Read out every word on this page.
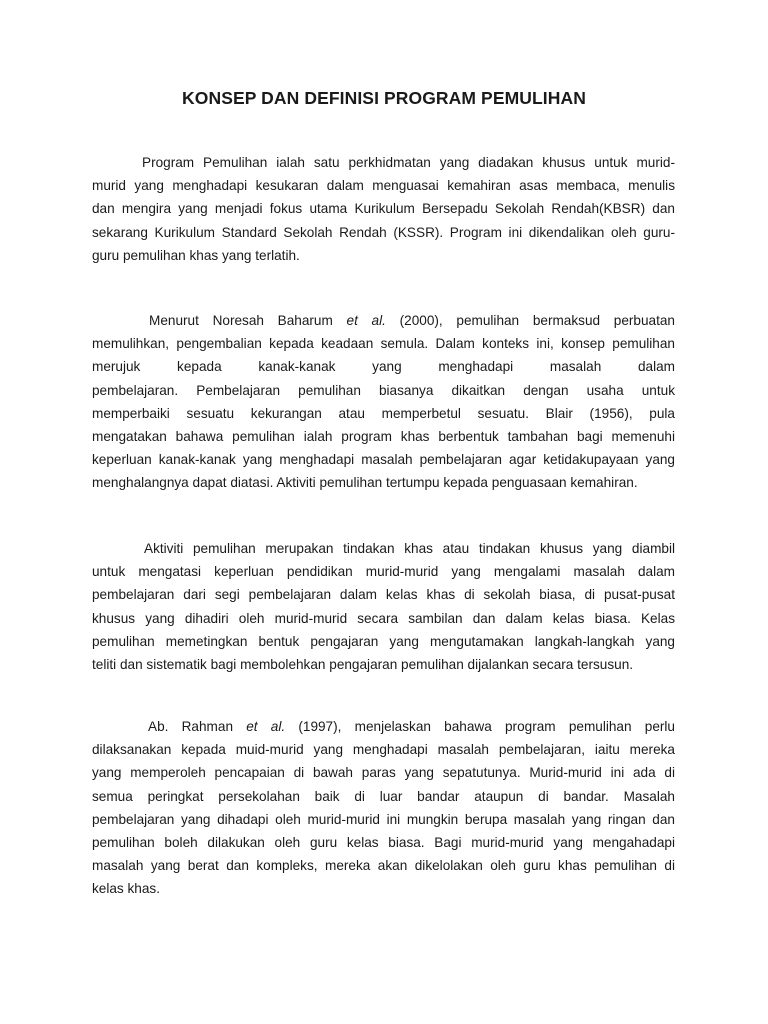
KONSEP DAN DEFINISI PROGRAM PEMULIHAN
Program Pemulihan ialah satu perkhidmatan yang diadakan khusus untuk murid-
murid yang menghadapi kesukaran dalam menguasai kemahiran asas membaca, menulis
dan mengira yang menjadi fokus utama Kurikulum Bersepadu Sekolah Rendah(KBSR) dan
sekarang Kurikulum Standard Sekolah Rendah (KSSR). Program ini dikendalikan oleh guru-
guru pemulihan khas yang terlatih.
Menurut Noresah Baharum et al. (2000), pemulihan bermaksud perbuatan
memulihkan, pengembalian kepada keadaan semula. Dalam konteks ini, konsep pemulihan
merujuk kepada kanak-kanak yang menghadapi masalah dalam
pembelajaran. Pembelajaran pemulihan biasanya dikaitkan dengan usaha untuk
memperbaiki sesuatu kekurangan atau memperbetul sesuatu. Blair (1956), pula
mengatakan bahawa pemulihan ialah program khas berbentuk tambahan bagi memenuhi
keperluan kanak-kanak yang menghadapi masalah pembelajaran agar ketidakupayaan yang
menghalangnya dapat diatasi. Aktiviti pemulihan tertumpu kepada penguasaan kemahiran.
Aktiviti pemulihan merupakan tindakan khas atau tindakan khusus yang diambil
untuk mengatasi keperluan pendidikan murid-murid yang mengalami masalah dalam
pembelajaran dari segi pembelajaran dalam kelas khas di sekolah biasa, di pusat-pusat
khusus yang dihadiri oleh murid-murid secara sambilan dan dalam kelas biasa. Kelas
pemulihan memetingkan bentuk pengajaran yang mengutamakan langkah-langkah yang
teliti dan sistematik bagi membolehkan pengajaran pemulihan dijalankan secara tersusun.
Ab. Rahman et al. (1997), menjelaskan bahawa program pemulihan perlu
dilaksanakan kepada muid-murid yang menghadapi masalah pembelajaran, iaitu mereka
yang memperoleh pencapaian di bawah paras yang sepatutunya. Murid-murid ini ada di
semua peringkat persekolahan baik di luar bandar ataupun di bandar. Masalah
pembelajaran yang dihadapi oleh murid-murid ini mungkin berupa masalah yang ringan dan
pemulihan boleh dilakukan oleh guru kelas biasa. Bagi murid-murid yang mengahadapi
masalah yang berat dan kompleks, mereka akan dikelolakan oleh guru khas pemulihan di
kelas khas.
